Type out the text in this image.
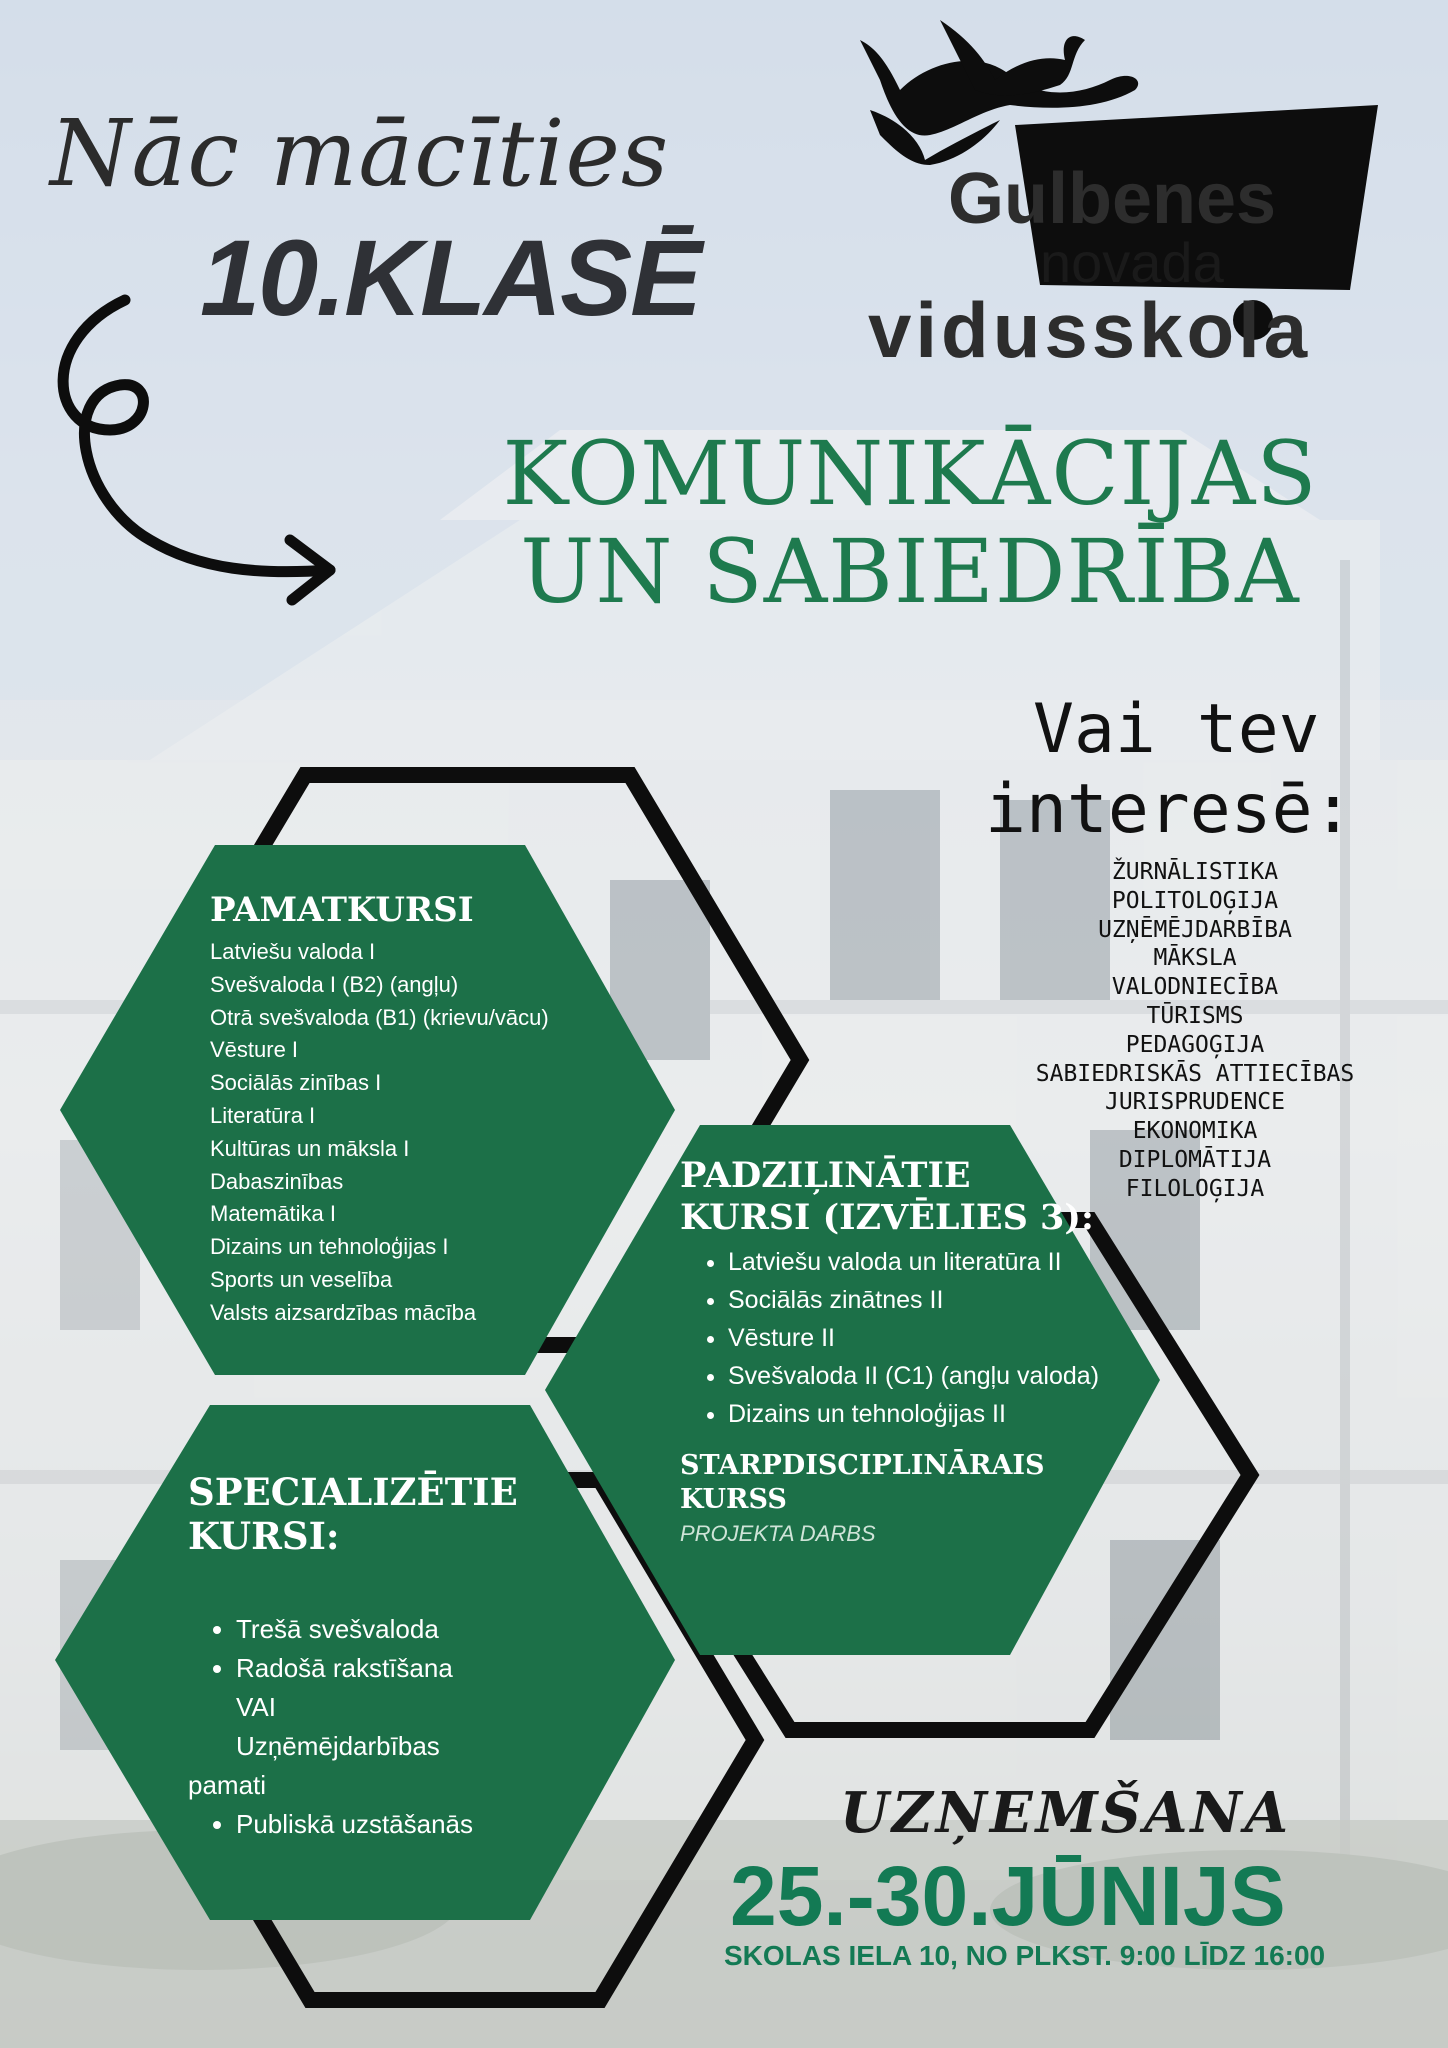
Nāc mācīties
10.KLASĒ
Gulbenes
novada
vidusskola
KOMUNIKĀCIJAS
UN SABIEDRĪBA
Vai tev
interesē:
ŽURNĀLISTIKA
POLITOLOĢIJA
UZŅĒMĒJDARBĪBA
MĀKSLA
VALODNIECĪBA
TŪRISMS
PEDAGOĢIJA
SABIEDRISKĀS ATTIECĪBAS
JURISPRUDENCE
EKONOMIKA
DIPLOMĀTIJA
FILOLOĢIJA
PAMATKURSI
Latviešu valoda I
Svešvaloda I (B2) (angļu)
Otrā svešvaloda (B1) (krievu/vācu)
Vēsture I
Sociālās zinības I
Literatūra I
Kultūras un māksla I
Dabaszinības
Matemātika I
Dizains un tehnoloģijas I
Sports un veselība
Valsts aizsardzības mācība
PADZIĻINĀTIE
KURSI (IZVĒLIES 3):
• Latviešu valoda un literatūra II
• Sociālās zinātnes II
• Vēsture II
• Svešvaloda II (C1) (angļu valoda)
• Dizains un tehnoloģijas II
STARPDISCIPLINĀRAIS
KURSS
PROJEKTA DARBS
SPECIALIZĒTIE
KURSI:
• Trešā svešvaloda
• Radošā rakstīšana
VAI
Uzņēmējdarbības
pamati
• Publiskā uzstāšanās	UZŅEMŠANA
25.-30.JŪNIJS
SKOLAS IELA 10, NO PLKST. 9:00 LĪDZ 16:00
